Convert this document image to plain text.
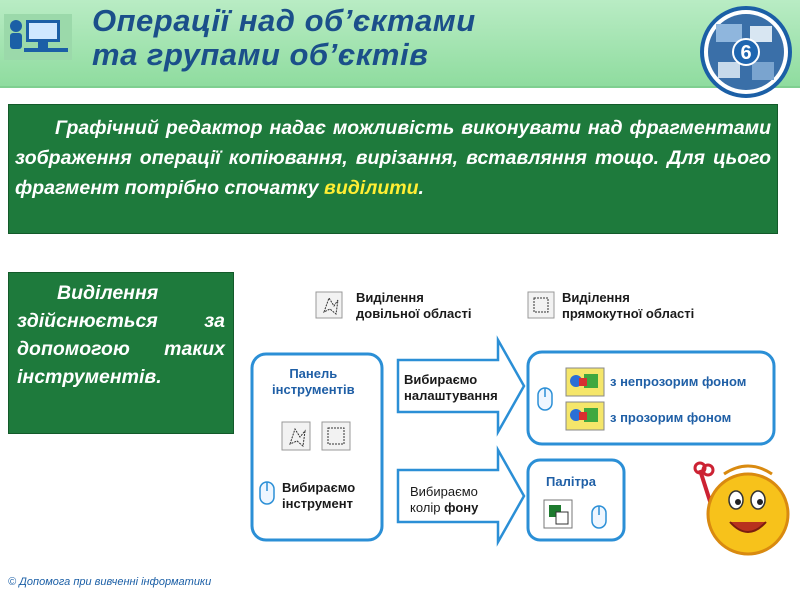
Операції над об’єктами
та групами об’єктів	6
Графічний редактор надає можливість виконувати над фрагментами зображення операції копіювання, вирізання, вставляння тощо. Для цього фрагмент потрібно спочатку виділити.
Виділення здійснюється за допомогою таких інструментів.
Виділення
довільної області
Виділення
прямокутної області
Панель
інструментів
Вибираємо
інструмент
Вибираємо
налаштування
з непрозорим фоном
з прозорим фоном
Вибираємо
колір фону
Палітра
© Допомога при вивченні інформатики
